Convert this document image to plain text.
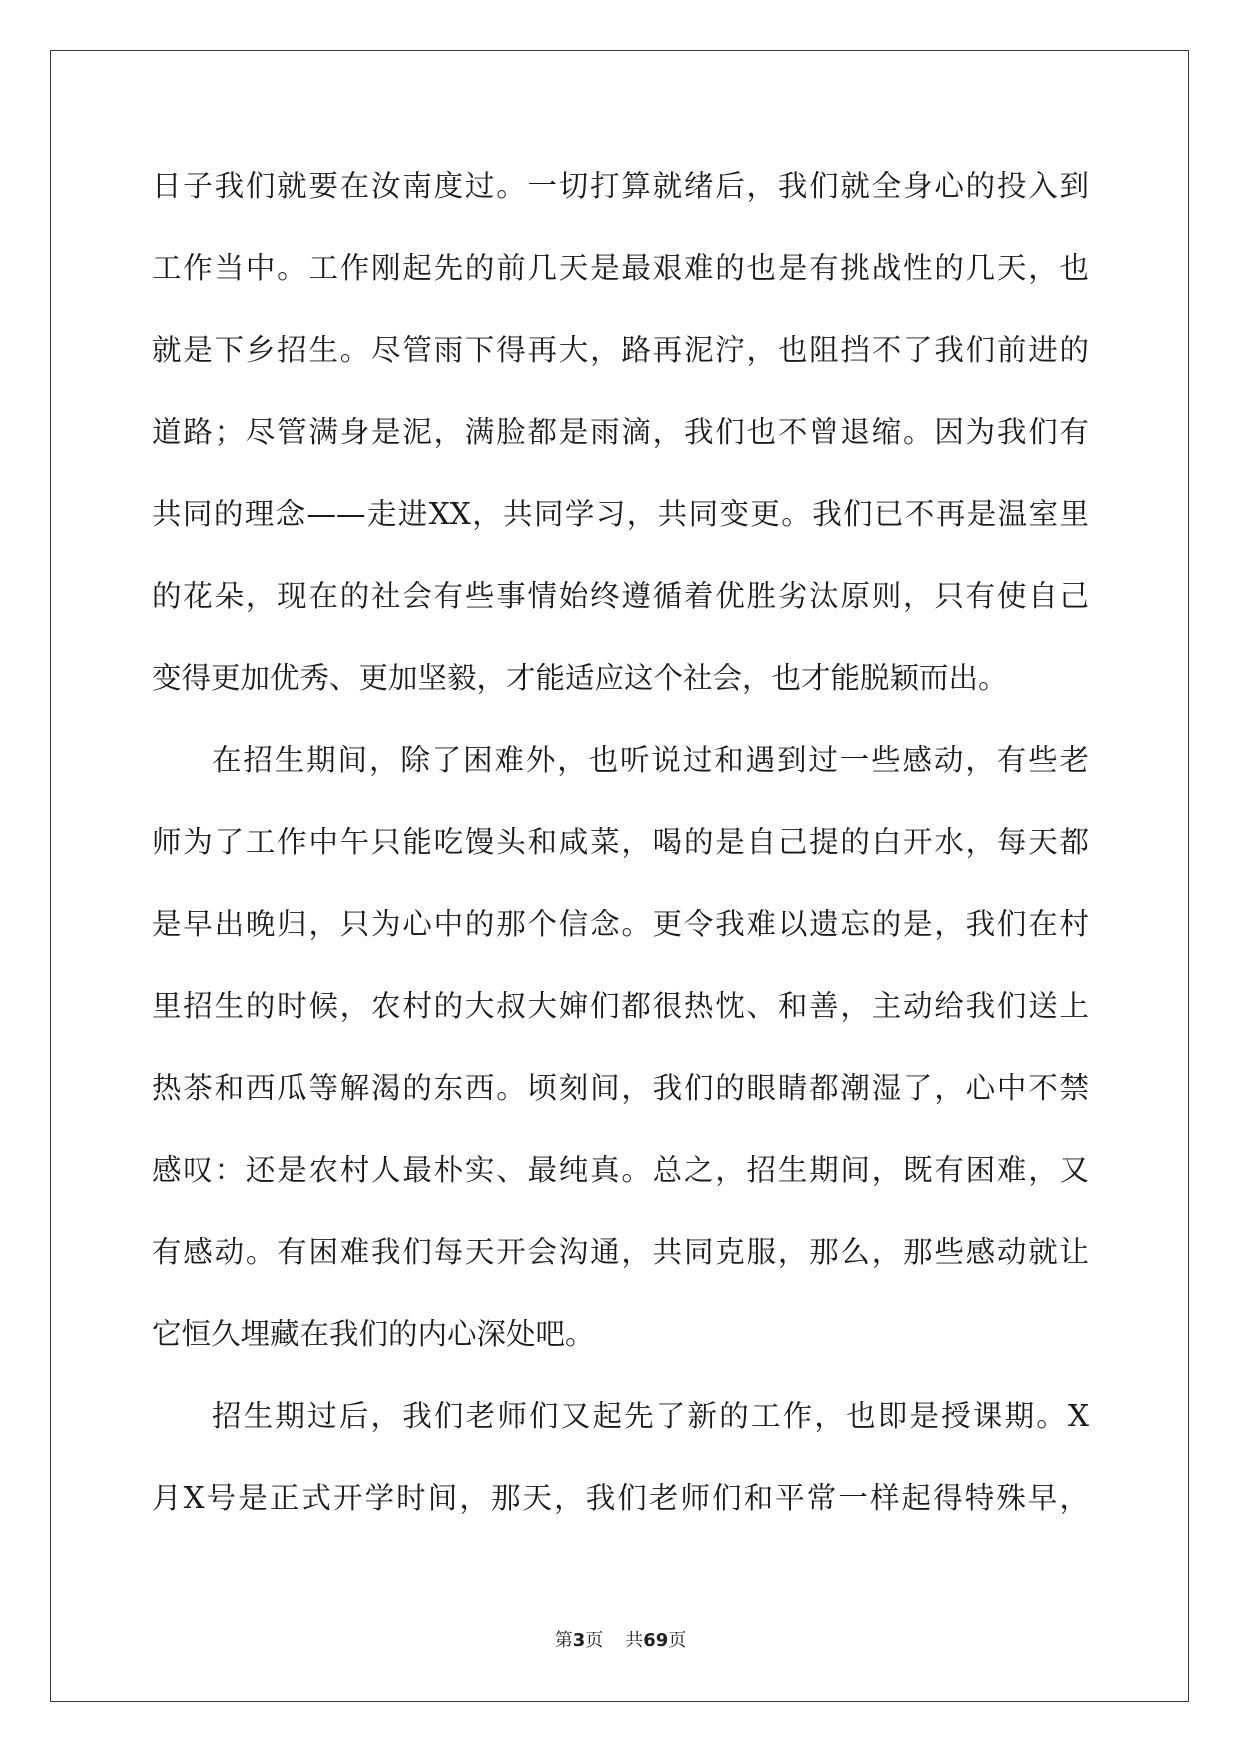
日子我们就要在汝南度过。一切打算就绪后，我们就全身心的投入到
工作当中。工作刚起先的前几天是最艰难的也是有挑战性的几天，也
就是下乡招生。尽管雨下得再大，路再泥泞，也阻挡不了我们前进的
道路；尽管满身是泥，满脸都是雨滴，我们也不曾退缩。因为我们有
共同的理念——走进XX，共同学习，共同变更。我们已不再是温室里
的花朵，现在的社会有些事情始终遵循着优胜劣汰原则，只有使自己
变得更加优秀、更加坚毅，才能适应这个社会，也才能脱颖而出。
在招生期间，除了困难外，也听说过和遇到过一些感动，有些老
师为了工作中午只能吃馒头和咸菜，喝的是自己提的白开水，每天都
是早出晚归，只为心中的那个信念。更令我难以遗忘的是，我们在村
里招生的时候，农村的大叔大婶们都很热忱、和善，主动给我们送上
热茶和西瓜等解渴的东西。顷刻间，我们的眼睛都潮湿了，心中不禁
感叹：还是农村人最朴实、最纯真。总之，招生期间，既有困难，又
有感动。有困难我们每天开会沟通，共同克服，那么，那些感动就让
它恒久埋藏在我们的内心深处吧。
招生期过后，我们老师们又起先了新的工作，也即是授课期。X
月X号是正式开学时间，那天，我们老师们和平常一样起得特殊早，
第3页 共69页
